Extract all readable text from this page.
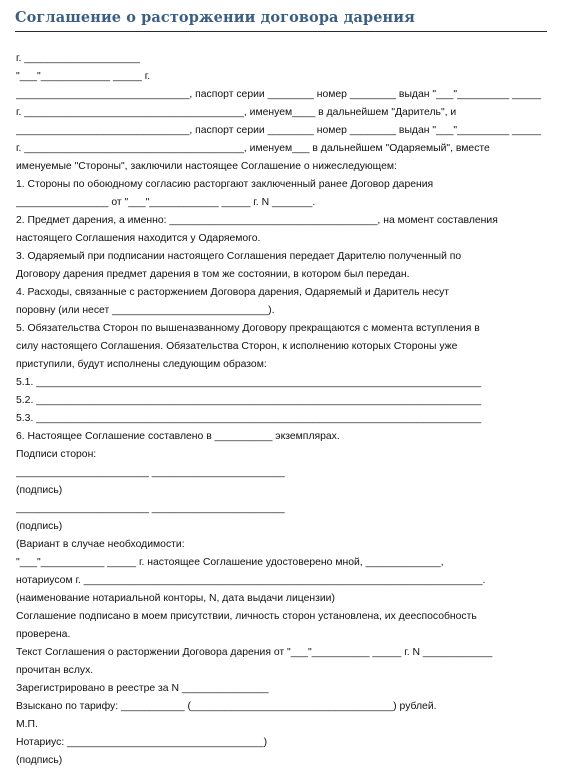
Соглашение о расторжении договора дарения
г. ____________________
"___"____________ _____ г.
______________________________, паспорт серии ________ номер ________ выдан "___"_________ _____
г. ______________________________________, именуем____ в дальнейшем "Даритель", и
______________________________, паспорт серии ________ номер ________ выдан "___"_________ _____
г. ______________________________________, именуем___ в дальнейшем "Одаряемый", вместе
именуемые "Стороны", заключили настоящее Соглашение о нижеследующем:
1. Стороны по обоюдному согласию расторгают заключенный ранее Договор дарения
________________ от "___"____________ _____ г. N _______.
2. Предмет дарения, а именно: ____________________________________, на момент составления
настоящего Соглашения находится у Одаряемого.
3. Одаряемый при подписании настоящего Соглашения передает Дарителю полученный по
Договору дарения предмет дарения в том же состоянии, в котором был передан.
4. Расходы, связанные с расторжением Договора дарения, Одаряемый и Даритель несут
поровну (или несет ___________________________).
5. Обязательства Сторон по вышеназванному Договору прекращаются с момента вступления в
силу настоящего Соглашения. Обязательства Сторон, к исполнению которых Стороны уже
приступили, будут исполнены следующим образом:
5.1. _____________________________________________________________________________
5.2. _____________________________________________________________________________
5.3. _____________________________________________________________________________
6. Настоящее Соглашение составлено в __________ экземплярах.
Подписи сторон:
_______________________ _______________________
(подпись)
_______________________ _______________________
(подпись)
(Вариант в случае необходимости:
"___"___________ _____ г. настоящее Соглашение удостоверено мной, _____________,
нотариусом г. _____________________________________________________________________.
(наименование нотариальной конторы, N, дата выдачи лицензии)
Соглашение подписано в моем присутствии, личность сторон установлена, их дееспособность
проверена.
Текст Соглашения о расторжении Договора дарения от "___"__________ _____ г. N ____________
прочитан вслух.
Зарегистрировано в реестре за N _______________
Взыскано по тарифу: ___________ (___________________________________) рублей.
М.П.
Нотариус: __________________________________)
(подпись)
